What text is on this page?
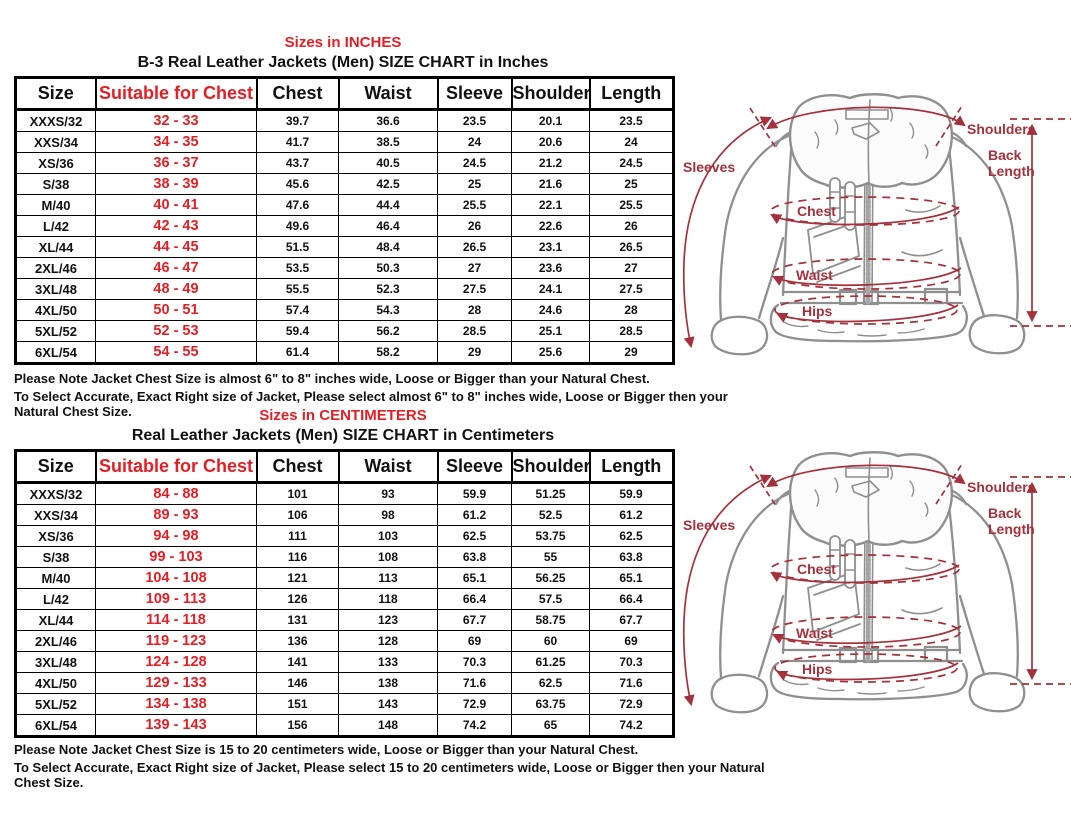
Sizes in INCHES
B-3 Real Leather Jackets (Men) SIZE CHART in Inches
Size	Suitable for Chest	Chest	Waist	Sleeve	Shoulder	Length
XXXS/32	32 - 33	39.7	36.6	23.5	20.1	23.5
XXS/34	34 - 35	41.7	38.5	24	20.6	24
XS/36	36 - 37	43.7	40.5	24.5	21.2	24.5
S/38	38 - 39	45.6	42.5	25	21.6	25
M/40	40 - 41	47.6	44.4	25.5	22.1	25.5
L/42	42 - 43	49.6	46.4	26	22.6	26
XL/44	44 - 45	51.5	48.4	26.5	23.1	26.5
2XL/46	46 - 47	53.5	50.3	27	23.6	27
3XL/48	48 - 49	55.5	52.3	27.5	24.1	27.5
4XL/50	50 - 51	57.4	54.3	28	24.6	28
5XL/52	52 - 53	59.4	56.2	28.5	25.1	28.5
6XL/54	54 - 55	61.4	58.2	29	25.6	29
Please Note Jacket Chest Size is almost 6" to 8" inches wide, Loose or Bigger than your Natural Chest.
To Select Accurate, Exact Right size of Jacket, Please select almost 6" to 8" inches wide, Loose or Bigger then your Natural Chest Size.	Sizes in CENTIMETERS
Real Leather Jackets (Men) SIZE CHART in Centimeters
Size	Suitable for Chest	Chest	Waist	Sleeve	Shoulder	Length
XXXS/32	84 - 88	101	93	59.9	51.25	59.9
XXS/34	89 - 93	106	98	61.2	52.5	61.2
XS/36	94 - 98	111	103	62.5	53.75	62.5
S/38	99 - 103	116	108	63.8	55	63.8
M/40	104 - 108	121	113	65.1	56.25	65.1
L/42	109 - 113	126	118	66.4	57.5	66.4
XL/44	114 - 118	131	123	67.7	58.75	67.7
2XL/46	119 - 123	136	128	69	60	69
3XL/48	124 - 128	141	133	70.3	61.25	70.3
4XL/50	129 - 133	146	138	71.6	62.5	71.6
5XL/52	134 - 138	151	143	72.9	63.75	72.9
6XL/54	139 - 143	156	148	74.2	65	74.2
Please Note Jacket Chest Size is 15 to 20 centimeters wide, Loose or Bigger than your Natural Chest.
To Select Accurate, Exact Right size of Jacket, Please select 15 to 20 centimeters wide, Loose or Bigger then your Natural Chest Size.
